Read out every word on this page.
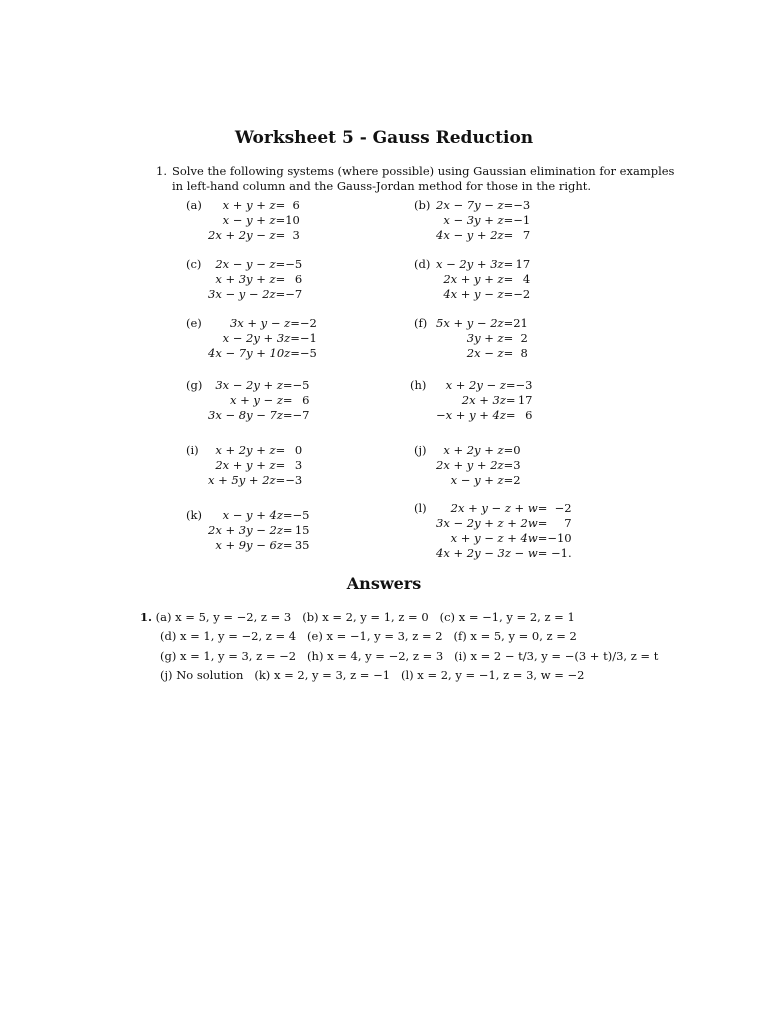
Worksheet 5 - Gauss Reduction
1. Solve the following systems (where possible) using Gaussian elimination for examples in left-hand column and the Gauss-Jordan method for those in the right.
(a) x + y + z	=	6
x − y + z	=	10
2x + 2y − z	=	3
(b) 2x − 7y − z	=	−3
x − 3y + z	=	−1
4x − y + 2z	=	7
(c) 2x − y − z	=	−5
x + 3y + z	=	6
3x − y − 2z	=	−7
(d) x − 2y + 3z	=	17
2x + y + z	=	4
4x + y − z	=	−2
(e) 3x + y − z	=	−2
x − 2y + 3z	=	−1
4x − 7y + 10z	=	−5
(f) 5x + y − 2z	=	21
3y + z	=	2
2x − z	=	8
(g) 3x − 2y + z	=	−5
x + y − z	=	6
3x − 8y − 7z	=	−7
(h) x + 2y − z	=	−3
2x + 3z	=	17
−x + y + 4z	=	6
(i) x + 2y + z	=	0
2x + y + z	=	3
x + 5y + 2z	=	−3
(j) x + 2y + z	=	0
2x + y + 2z	=	3
x − y + z	=	2
(k) x − y + 4z	=	−5
2x + 3y − 2z	=	15
x + 9y − 6z	=	35
(l) 2x + y − z + w	=	−2
3x − 2y + z + 2w	=	7
x + y − z + 4w	=	−10
4x + 2y − 3z − w	=	−1.
Answers
1. (a) x = 5, y = −2, z = 3   (b) x = 2, y = 1, z = 0   (c) x = −1, y = 2, z = 1
(d) x = 1, y = −2, z = 4   (e) x = −1, y = 3, z = 2   (f) x = 5, y = 0, z = 2
(g) x = 1, y = 3, z = −2   (h) x = 4, y = −2, z = 3   (i) x = 2 − t/3, y = −(3 + t)/3, z = t
(j) No solution   (k) x = 2, y = 3, z = −1   (l) x = 2, y = −1, z = 3, w = −2
